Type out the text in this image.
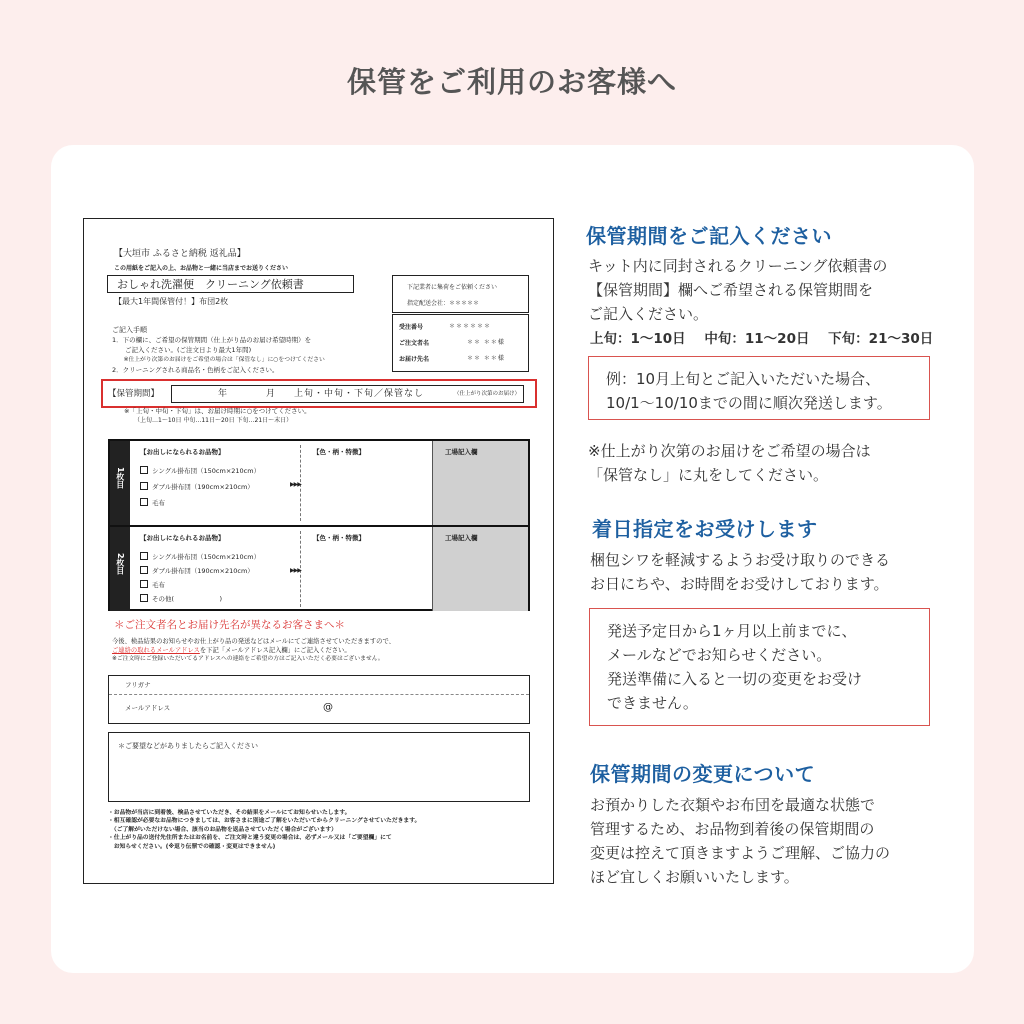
保管をご利用のお客様へ
【大垣市 ふるさと納税 返礼品】
この用紙をご記入の上、お品物と一緒に当店までお送りください
おしゃれ洗濯便　クリーニング依頼書
【最大1年間保管付！】布団2枚
下記業者に集荷をご依頼ください
指定配送会社：＊＊＊＊＊
ご記入手順
1．下の欄に、ご希望の保管期間（仕上がり品のお届け希望時期）を
　　ご記入ください。(ご注文日より最大1年間)
　　※仕上がり次第のお届けをご希望の場合は「保管なし」に○をつけてください
2．クリーニングされる商品名・色柄をご記入ください。
受注番号	＊＊＊＊＊＊
ご注文者名	＊＊ ＊＊様
お届け先名	＊＊ ＊＊様
【保管期間】	年	月 上旬・中旬・下旬／保管なし	（仕上がり次第のお届け）
※「上旬・中旬・下旬」は、お届け時期に○をつけてください。
（上旬…1～10日 中旬…11日～20日 下旬…21日～末日）
1枚目
2枚目
工場記入欄
工場記入欄
【お出しになられるお品物】	【色・柄・特徴】
シングル掛布団（150cm×210cm）
ダブル掛布団（190cm×210cm）
毛布
▶▶▶
【お出しになられるお品物】	【色・柄・特徴】
シングル掛布団（150cm×210cm）
ダブル掛布団（190cm×210cm）
毛布
その他(　　　　　　　)
▶▶▶
＊ご注文者名とお届け先名が異なるお客さまへ＊
今後、検品結果のお知らせやお仕上がり品の発送などはメールにてご連絡させていただきますので、
ご連絡の取れるメールアドレスを下記「メールアドレス記入欄」にご記入ください。
※ご注文時にご登録いただいてるアドレスへの連絡をご希望の方はご記入いただく必要はございません。
フリガナ
メールアドレス	@
＊ご要望などがありましたらご記入ください
・お品物が当店に到着後、検品させていただき、その結果をメールにてお知らせいたします。
・相互確認が必要なお品物につきましては、お客さまに別途ご了解をいただいてからクリーニングさせていただきます。
　（ご了解がいただけない場合、該当のお品物を返品させていただく場合がございます）
・仕上がり品の送付先住所またはお名前を、ご注文時と違う変更の場合は、必ずメール又は「ご要望欄」にて
　お知らせください。(※返り伝票での確認・変更はできません)
保管期間をご記入ください
キット内に同封されるクリーニング依頼書の
【保管期間】欄へご希望される保管期間を
ご記入ください。
上旬：1～10日 中旬：11～20日 下旬：21～30日
例：10月上旬とご記入いただいた場合、
10/1～10/10までの間に順次発送します。
※仕上がり次第のお届けをご希望の場合は
「保管なし」に丸をしてください。
着日指定をお受けします
梱包シワを軽減するようお受け取りのできる
お日にちや、お時間をお受けしております。
発送予定日から1ヶ月以上前までに、
メールなどでお知らせください。
発送準備に入ると一切の変更をお受け
できません。
保管期間の変更について
お預かりした衣類やお布団を最適な状態で
管理するため、お品物到着後の保管期間の
変更は控えて頂きますようご理解、ご協力の
ほど宜しくお願いいたします。
